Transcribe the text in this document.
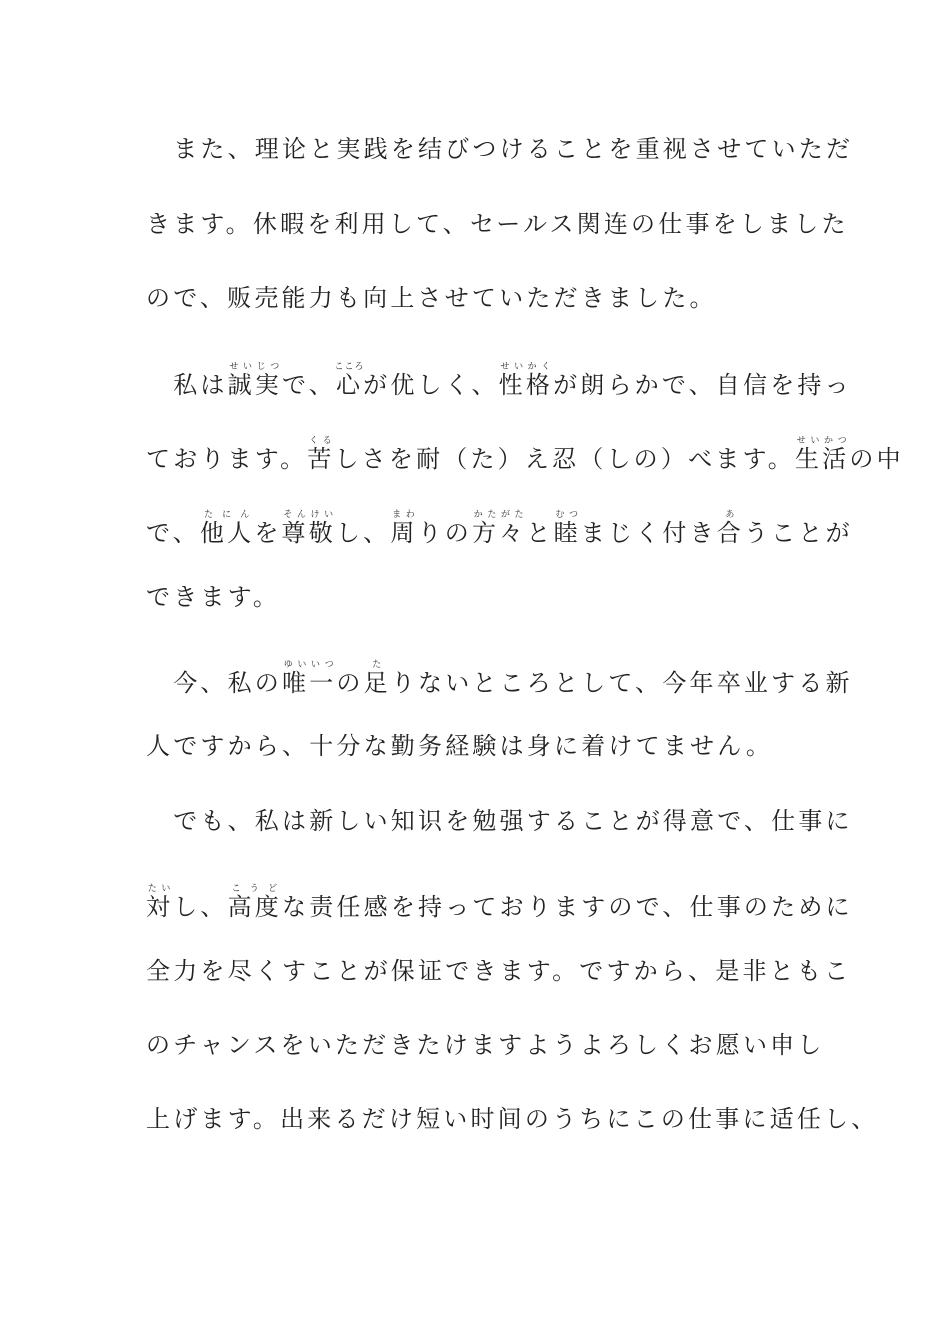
　また、理论と実践を结びつけることを重视させていただ
きます。休暇を利用して、セールス関连の仕事をしました
ので、贩売能力も向上させていただきました。
　私は誠実せいじつで、心こころが优しく、性格せいかくが朗らかで、自信を持っ
ております。苦くるしさを耐（た）え忍（しの）べます。生活せいかつの中
で、他人たにんを尊敬そんけいし、周まわりの方々かたがたと睦むつまじく付き合あうことが
できます。
　今、私の唯一ゆいいつの足たりないところとして、今年卒业する新
人ですから、十分な勤务経験は身に着けてません。
　でも、私は新しい知识を勉强することが得意で、仕事に
対たいし、高度こうどな责任感を持っておりますので、仕事のために
全力を尽くすことが保证できます。ですから、是非ともこ
のチャンスをいただきたけますようよろしくお愿い申し
上げます。出来るだけ短い时间のうちにこの仕事に适任し、
